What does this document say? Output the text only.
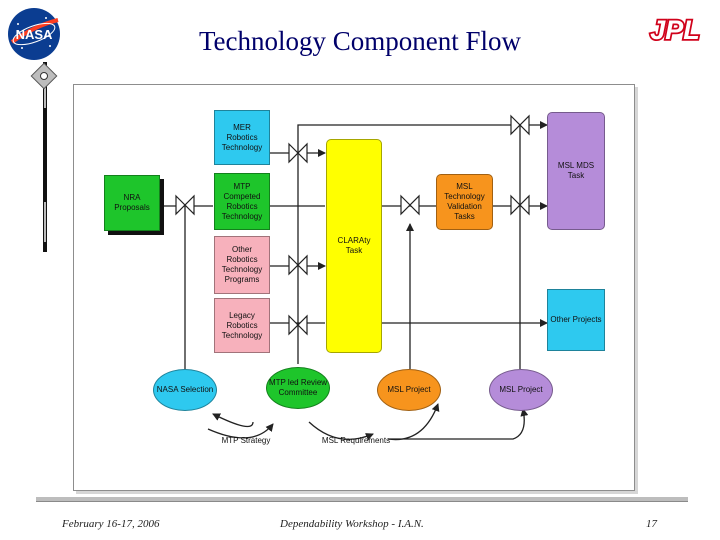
NASA	JPL
Technology Component Flow
MER Robotics Technology
NRA Proposals
MTP Competed Robotics Technology
Other Robotics Technology Programs
Legacy Robotics Technology
CLARAty
Task
MSL Technology Validation Tasks
MSL MDS Task
Other Projects
NASA Selection
MTP led Review Committee	MSL Project	MSL Project
MTP Strategy	MSL Requirements
February 16-17, 2006	Dependability Workshop - I.A.N.	17
